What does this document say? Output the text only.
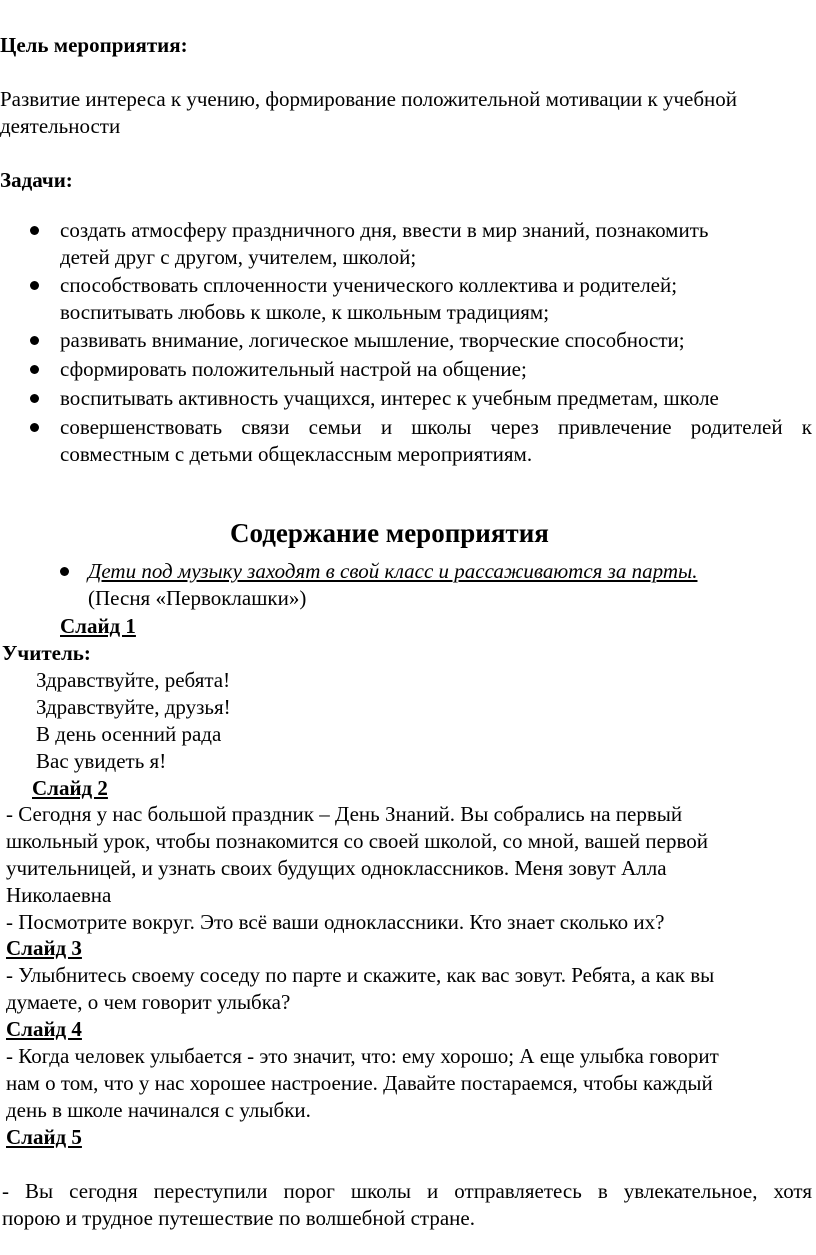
Цель мероприятия:
Развитие интереса к учению, формирование положительной мотивации к учебной
деятельности
Задачи:
создать атмосферу праздничного дня, ввести в мир знаний, познакомить
детей друг с другом, учителем, школой;
способствовать сплоченности ученического коллектива и родителей;
воспитывать любовь к школе, к школьным традициям;
развивать внимание, логическое мышление, творческие способности;
сформировать положительный настрой на общение;
воспитывать активность учащихся, интерес к учебным предметам, школе
совершенствовать связи семьи и школы через привлечение родителей к
совместным с детьми общеклассным мероприятиям.
Содержание мероприятия
Дети под музыку заходят в свой класс и рассаживаются за парты.
(Песня «Первоклашки»)
Слайд 1
Учитель:
Здравствуйте, ребята!
Здравствуйте, друзья!
В день осенний рада
Вас увидеть я!
Слайд 2
- Сегодня у нас большой праздник – День Знаний. Вы собрались на первый
школьный урок, чтобы познакомится со своей школой, со мной, вашей первой
учительницей, и узнать своих будущих одноклассников. Меня зовут Алла
Николаевна
- Посмотрите вокруг. Это всё ваши одноклассники. Кто знает сколько их?
Слайд 3
- Улыбнитесь своему соседу по парте и скажите, как вас зовут. Ребята, а как вы
думаете, о чем говорит улыбка?
Слайд 4
- Когда человек улыбается - это значит, что: ему хорошо; А еще улыбка говорит
нам о том, что у нас хорошее настроение. Давайте постараемся, чтобы каждый
день в школе начинался с улыбки.
Слайд 5
- Вы сегодня переступили порог школы и отправляетесь в увлекательное, хотя
порою и трудное путешествие по волшебной стране.
